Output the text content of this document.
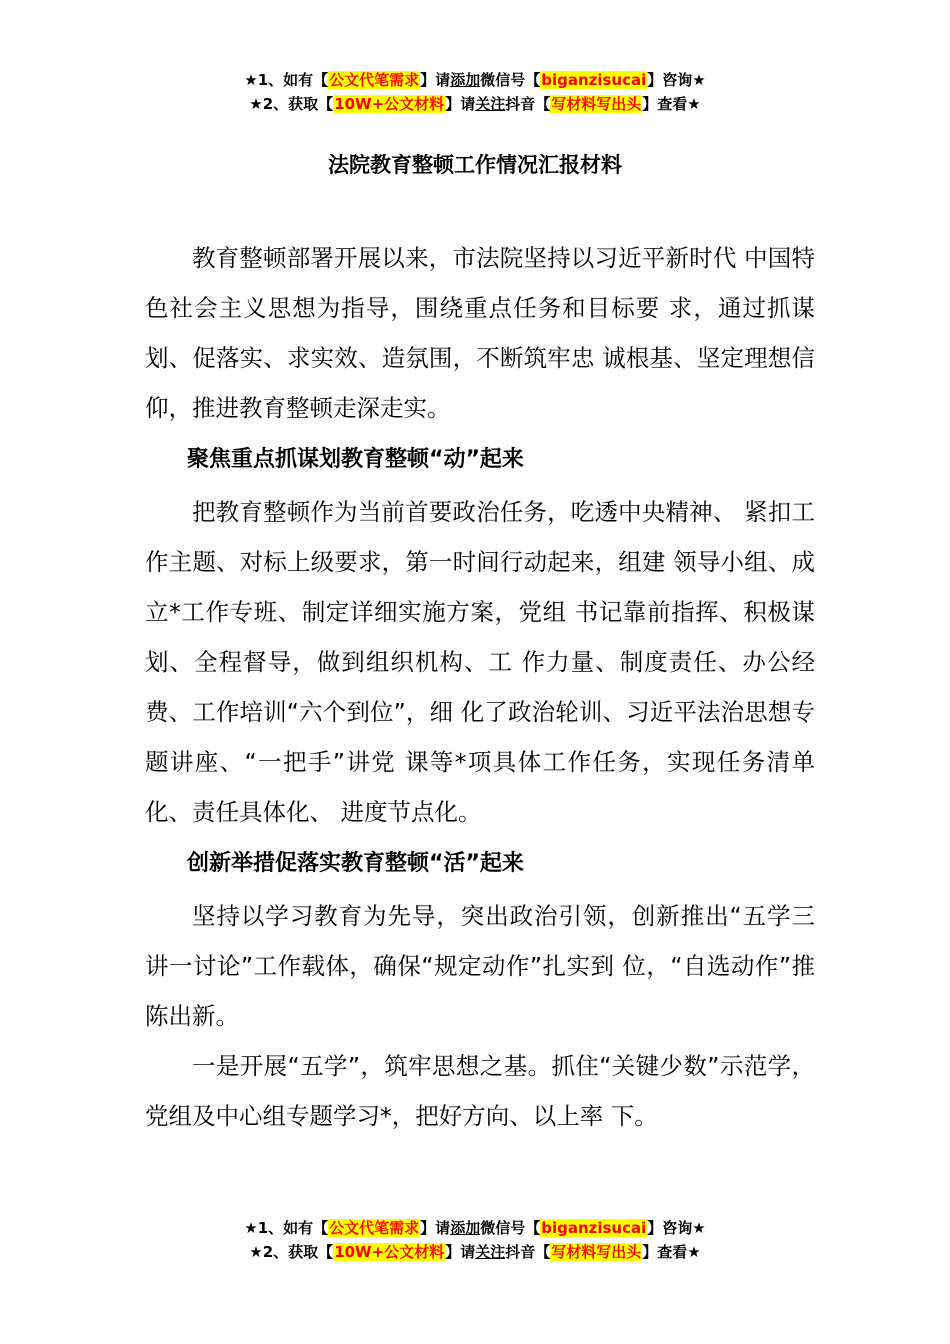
★1、如有【公文代笔需求】请添加微信号【biganzisucai】咨询★
★2、获取【10W+公文材料】请关注抖音【写材料写出头】查看★
法院教育整顿工作情况汇报材料

教育整顿部署开展以来，市法院坚持以习近平新时代 中国特色社会主义思想为指导，围绕重点任务和目标要 求，通过抓谋划、促落实、求实效、造氛围，不断筑牢忠 诚根基、坚定理想信仰，推进教育整顿走深走实。

聚焦重点抓谋划教育整顿“动”起来

把教育整顿作为当前首要政治任务，吃透中央精神、 紧扣工作主题、对标上级要求，第一时间行动起来，组建 领导小组、成立*工作专班、制定详细实施方案，党组 书记靠前指挥、积极谋划、全程督导，做到组织机构、工 作力量、制度责任、办公经费、工作培训“六个到位”，细 化了政治轮训、习近平法治思想专题讲座、“一把手”讲党 课等*项具体工作任务，实现任务清单化、责任具体化、 进度节点化。

创新举措促落实教育整顿“活”起来

坚持以学习教育为先导，突出政治引领，创新推出“五学三讲一讨论”工作载体，确保“规定动作”扎实到 位，“自选动作”推陈出新。

一是开展“五学”，筑牢思想之基。抓住“关键少数”示范学，党组及中心组专题学习*，把好方向、以上率 下。

★1、如有【公文代笔需求】请添加微信号【biganzisucai】咨询★
★2、获取【10W+公文材料】请关注抖音【写材料写出头】查看★
